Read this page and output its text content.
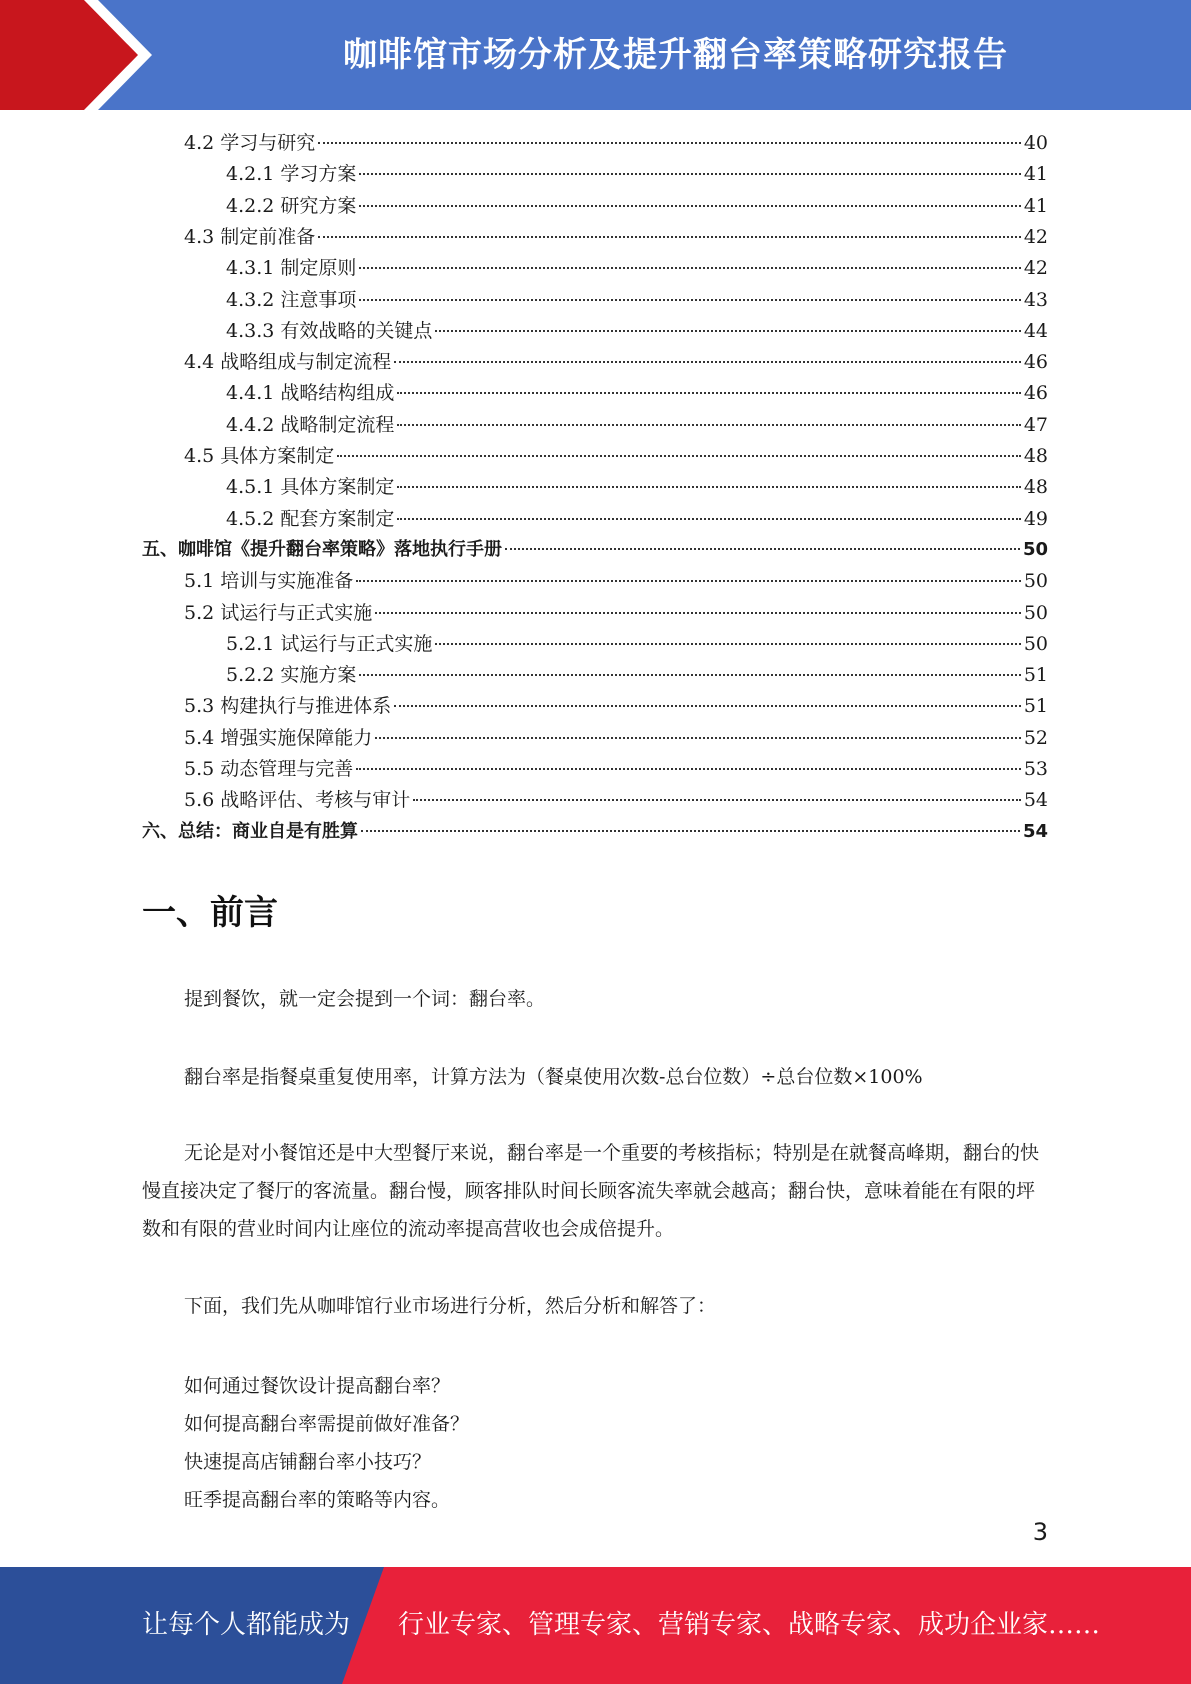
咖啡馆市场分析及提升翻台率策略研究报告
4.2 学习与研究	40
4.2.1 学习方案	41
4.2.2 研究方案	41
4.3 制定前准备	42
4.3.1 制定原则	42
4.3.2 注意事项	43
4.3.3 有效战略的关键点	44
4.4 战略组成与制定流程	46
4.4.1 战略结构组成	46
4.4.2 战略制定流程	47
4.5 具体方案制定	48
4.5.1 具体方案制定	48
4.5.2 配套方案制定	49
五、咖啡馆《提升翻台率策略》落地执行手册	50
5.1 培训与实施准备	50
5.2 试运行与正式实施	50
5.2.1 试运行与正式实施	50
5.2.2 实施方案	51
5.3 构建执行与推进体系	51
5.4 增强实施保障能力	52
5.5 动态管理与完善	53
5.6 战略评估、考核与审计	54
六、总结：商业自是有胜算	54
一、前言
提到餐饮，就一定会提到一个词：翻台率。
翻台率是指餐桌重复使用率，计算方法为（餐桌使用次数-总台位数）÷总台位数×100%
无论是对小餐馆还是中大型餐厅来说，翻台率是一个重要的考核指标；特别是在就餐高峰期，翻台的快慢直接决定了餐厅的客流量。翻台慢，顾客排队时间长顾客流失率就会越高；翻台快，意味着能在有限的坪数和有限的营业时间内让座位的流动率提高营收也会成倍提升。
下面，我们先从咖啡馆行业市场进行分析，然后分析和解答了：
如何通过餐饮设计提高翻台率？
如何提高翻台率需提前做好准备？
快速提高店铺翻台率小技巧？
旺季提高翻台率的策略等内容。
3
让每个人都能成为 行业专家、管理专家、营销专家、战略专家、成功企业家……
